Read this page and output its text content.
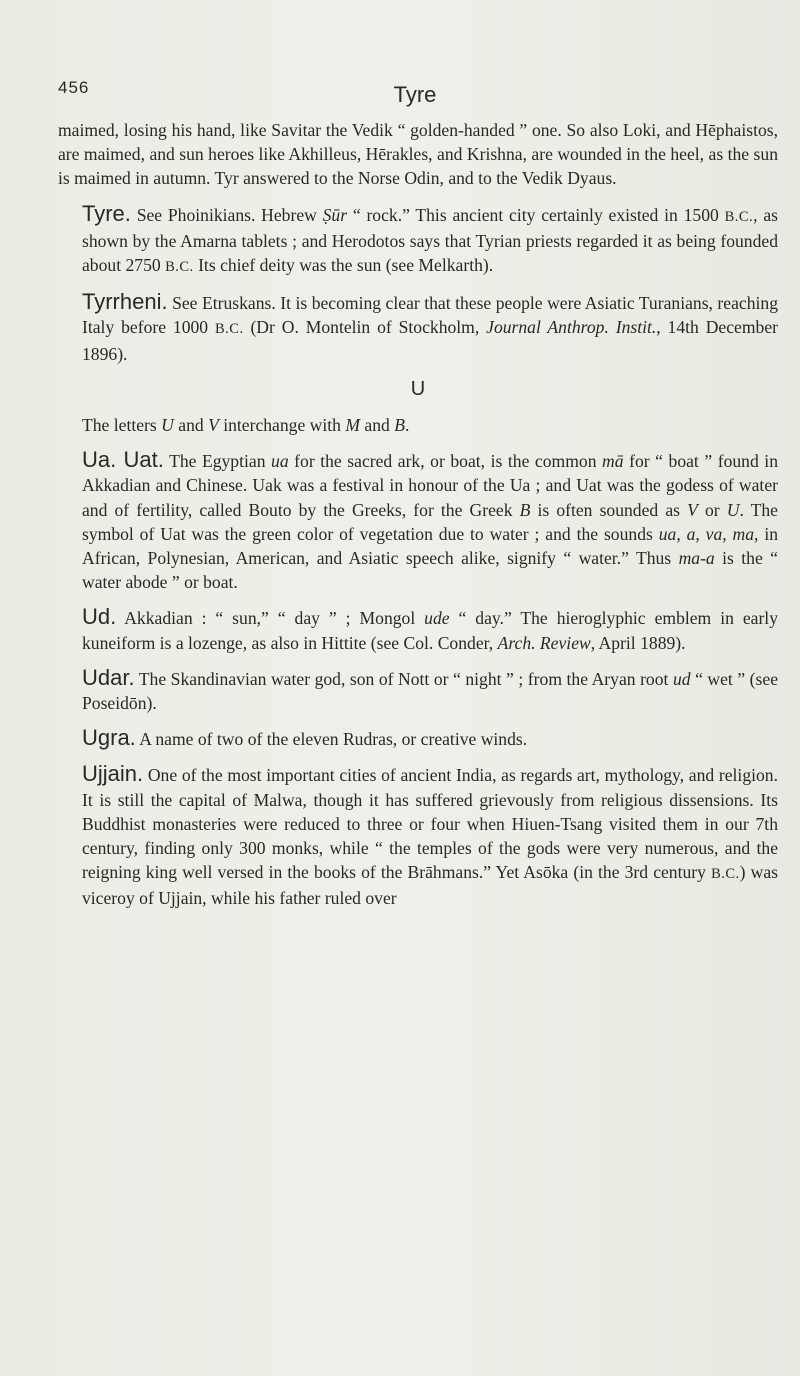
456	Tyre

maimed, losing his hand, like Savitar the Vedik “ golden-handed ” one. So also Loki, and Hēphaistos, are maimed, and sun heroes like Akhilleus, Hērakles, and Krishna, are wounded in the heel, as the sun is maimed in autumn. Tyr answered to the Norse Odin, and to the Vedik Dyaus.

Tyre. See Phoinikians. Hebrew Ṣūr “ rock.” This ancient city certainly existed in 1500 B.C., as shown by the Amarna tablets ; and Herodotos says that Tyrian priests regarded it as being founded about 2750 B.C. Its chief deity was the sun (see Melkarth).

Tyrrheni. See Etruskans. It is becoming clear that these people were Asiatic Turanians, reaching Italy before 1000 B.C. (Dr O. Montelin of Stockholm, Journal Anthrop. Instit., 14th December 1896).

U

The letters U and V interchange with M and B.

Ua. Uat. The Egyptian ua for the sacred ark, or boat, is the common mā for “ boat ” found in Akkadian and Chinese. Uak was a festival in honour of the Ua ; and Uat was the godess of water and of fertility, called Bouto by the Greeks, for the Greek B is often sounded as V or U. The symbol of Uat was the green color of vegetation due to water ; and the sounds ua, a, va, ma, in African, Polynesian, American, and Asiatic speech alike, signify “ water.” Thus ma-a is the “ water abode ” or boat.

Ud. Akkadian : “ sun,” “ day ” ; Mongol ude “ day.” The hieroglyphic emblem in early kuneiform is a lozenge, as also in Hittite (see Col. Conder, Arch. Review, April 1889).

Udar. The Skandinavian water god, son of Nott or “ night ” ; from the Aryan root ud “ wet ” (see Poseidōn).

Ugra. A name of two of the eleven Rudras, or creative winds.

Ujjain. One of the most important cities of ancient India, as regards art, mythology, and religion. It is still the capital of Malwa, though it has suffered grievously from religious dissensions. Its Buddhist monasteries were reduced to three or four when Hiuen-Tsang visited them in our 7th century, finding only 300 monks, while “ the temples of the gods were very numerous, and the reigning king well versed in the books of the Brāhmans.” Yet Asōka (in the 3rd century B.C.) was viceroy of Ujjain, while his father ruled over
